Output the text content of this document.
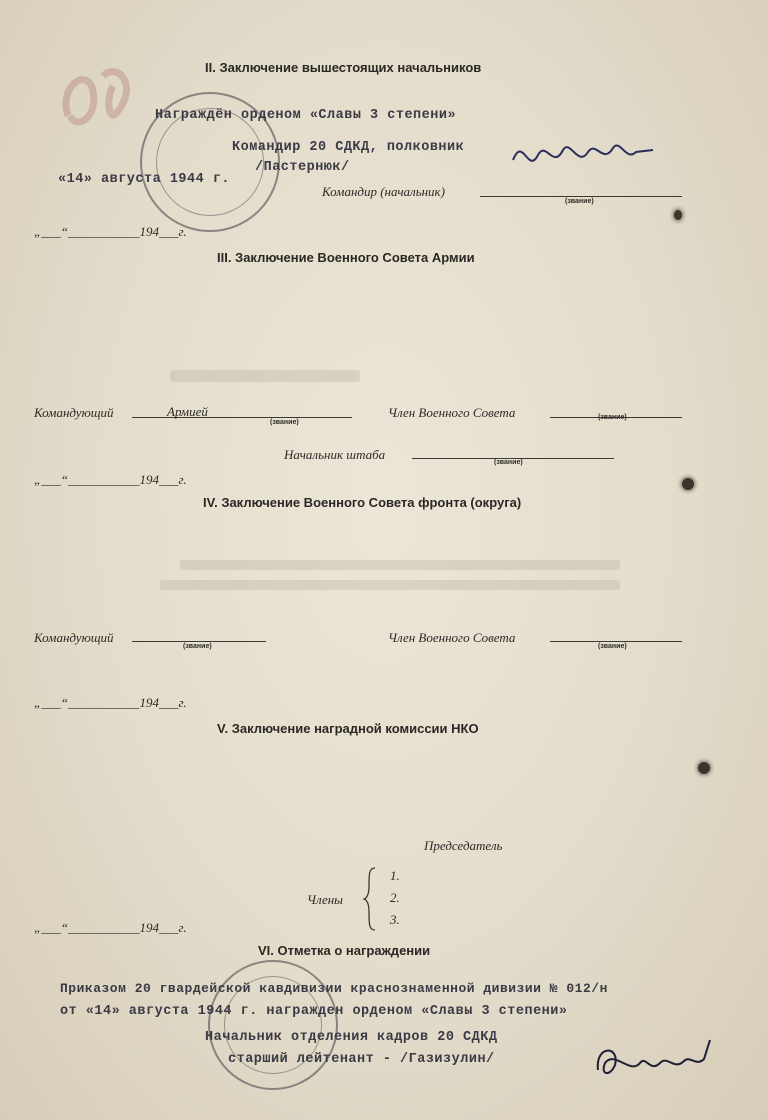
II. Заключение вышестоящих начальников
Награждён орденом «Славы 3 степени»
Командир 20 СДКД, полковник
/Пастернюк/
«14» августа 1944 г.
Командир (начальник)
(звание)
„___“___________194___г.
III. Заключение Военного Совета Армии
Командующий	Армией
(звание)
Член Военного Совета	(звание)
Начальник штаба
(звание)
„___“___________194___г.
IV. Заключение Военного Совета фронта (округа)
Командующий
(звание)
Член Военного Совета
(звание)
„___“___________194___г.
V. Заключение наградной комиссии НКО
Председатель
Члены
1.
2.
3.
„___“___________194___г.
VI. Отметка о награждении
Приказом 20 гвардейской кавдивизии краснознаменной дивизии № 012/н
от «14» августа 1944 г. награжден орденом «Славы 3 степени»
Начальник отделения кадров 20 СДКД
старший лейтенант - /Газизулин/
